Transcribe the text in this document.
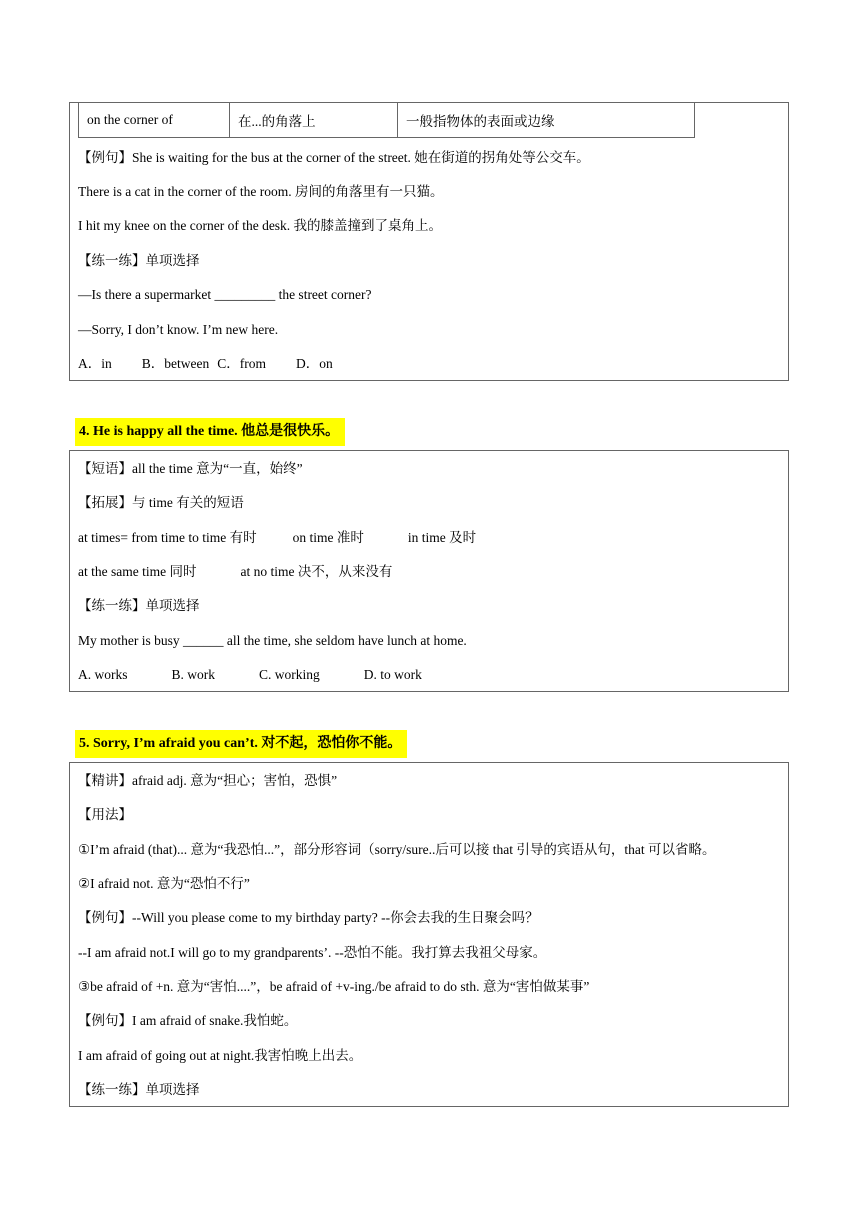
on the corner of	在...的角落上	一般指物体的表面或边缘
【例句】She is waiting for the bus at the corner of the street. 她在街道的拐角处等公交车。
There is a cat in the corner of the room. 房间的角落里有一只猫。
I hit my knee on the corner of the desk. 我的膝盖撞到了桌角上。
【练一练】单项选择
—Is there a supermarket _________ the street corner?
—Sorry, I don’t know. I’m new here.
A．in B．between C．from D．on
4. He is happy all the time. 他总是很快乐。
【短语】all the time 意为“一直，始终”
【拓展】与 time 有关的短语
at times= from time to time 有时	on time 准时	in time 及时
at the same time 同时	at no time 决不，从来没有
【练一练】单项选择
My mother is busy ______ all the time, she seldom have lunch at home.
A. works	B. work	C. working	D. to work
5. Sorry, I’m afraid you can’t. 对不起，恐怕你不能。
【精讲】afraid adj. 意为“担心；害怕，恐惧”
【用法】
①I’m afraid (that)... 意为“我恐怕...”，部分形容词（sorry/sure..后可以接 that 引导的宾语从句，that 可以省略。
②I afraid not. 意为“恐怕不行”
【例句】--Will you please come to my birthday party? --你会去我的生日聚会吗？
--I am afraid not.I will go to my grandparents’. --恐怕不能。我打算去我祖父母家。
③be afraid of +n. 意为“害怕....”，be afraid of +v-ing./be afraid to do sth. 意为“害怕做某事”
【例句】I am afraid of snake.我怕蛇。
I am afraid of going out at night.我害怕晚上出去。
【练一练】单项选择
